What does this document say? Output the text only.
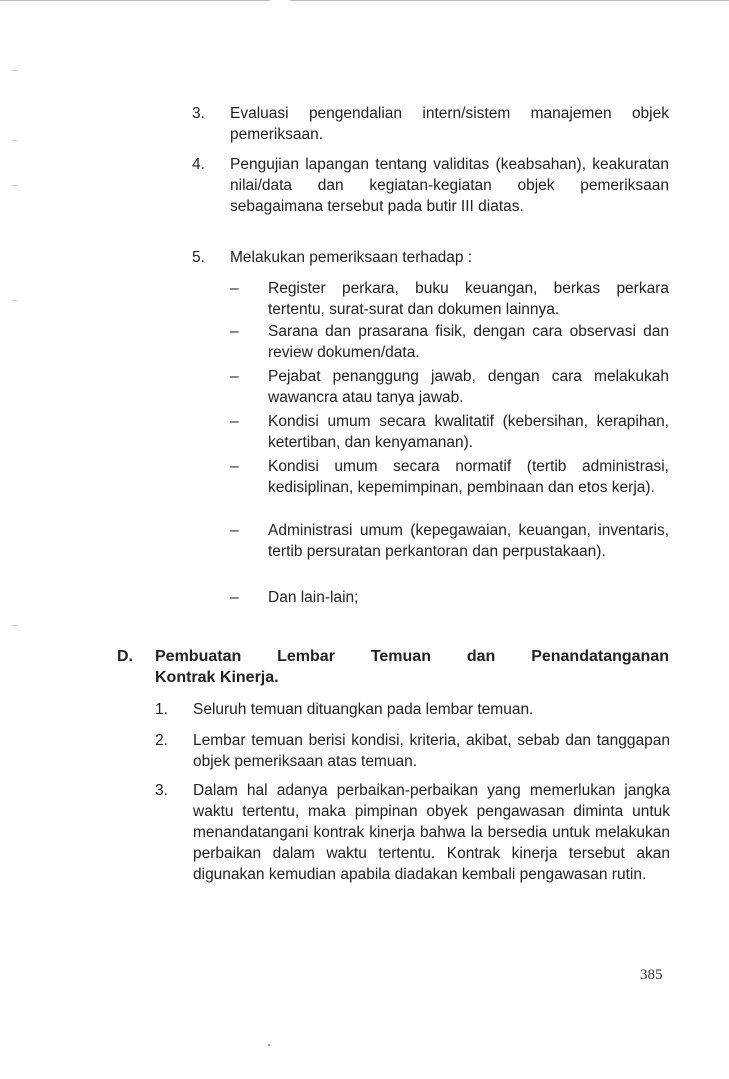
3. Evaluasi pengendalian intern/sistem manajemen objek pemeriksaan.

4. Pengujian lapangan tentang validitas (keabsahan), keakuratan nilai/data dan kegiatan-kegiatan objek pemeriksaan sebagaimana tersebut pada butir III diatas.

5. Melakukan pemeriksaan terhadap :

– Register perkara, buku keuangan, berkas perkara tertentu, surat-surat dan dokumen lainnya.

– Sarana dan prasarana fisik, dengan cara observasi dan review dokumen/data.

– Pejabat penanggung jawab, dengan cara melakukah wawancra atau tanya jawab.

– Kondisi umum secara kwalitatif (kebersihan, kerapihan, ketertiban, dan kenyamanan).

– Kondisi umum secara normatif (tertib administrasi, kedisiplinan, kepemimpinan, pembinaan dan etos kerja).

– Administrasi umum (kepegawaian, keuangan, inventaris, tertib persuratan perkantoran dan perpustakaan).

– Dan lain-lain;

D. Pembuatan Lembar Temuan dan Penandatanganan
Kontrak Kinerja.
1. Seluruh temuan dituangkan pada lembar temuan.

2. Lembar temuan berisi kondisi, kriteria, akibat, sebab dan tanggapan objek pemeriksaan atas temuan.

3. Dalam hal adanya perbaikan-perbaikan yang memerlukan jangka waktu tertentu, maka pimpinan obyek pengawasan diminta untuk menandatangani kontrak kinerja bahwa la bersedia untuk melakukan perbaikan dalam waktu tertentu. Kontrak kinerja tersebut akan digunakan kemudian apabila diadakan kembali pengawasan rutin.

385
